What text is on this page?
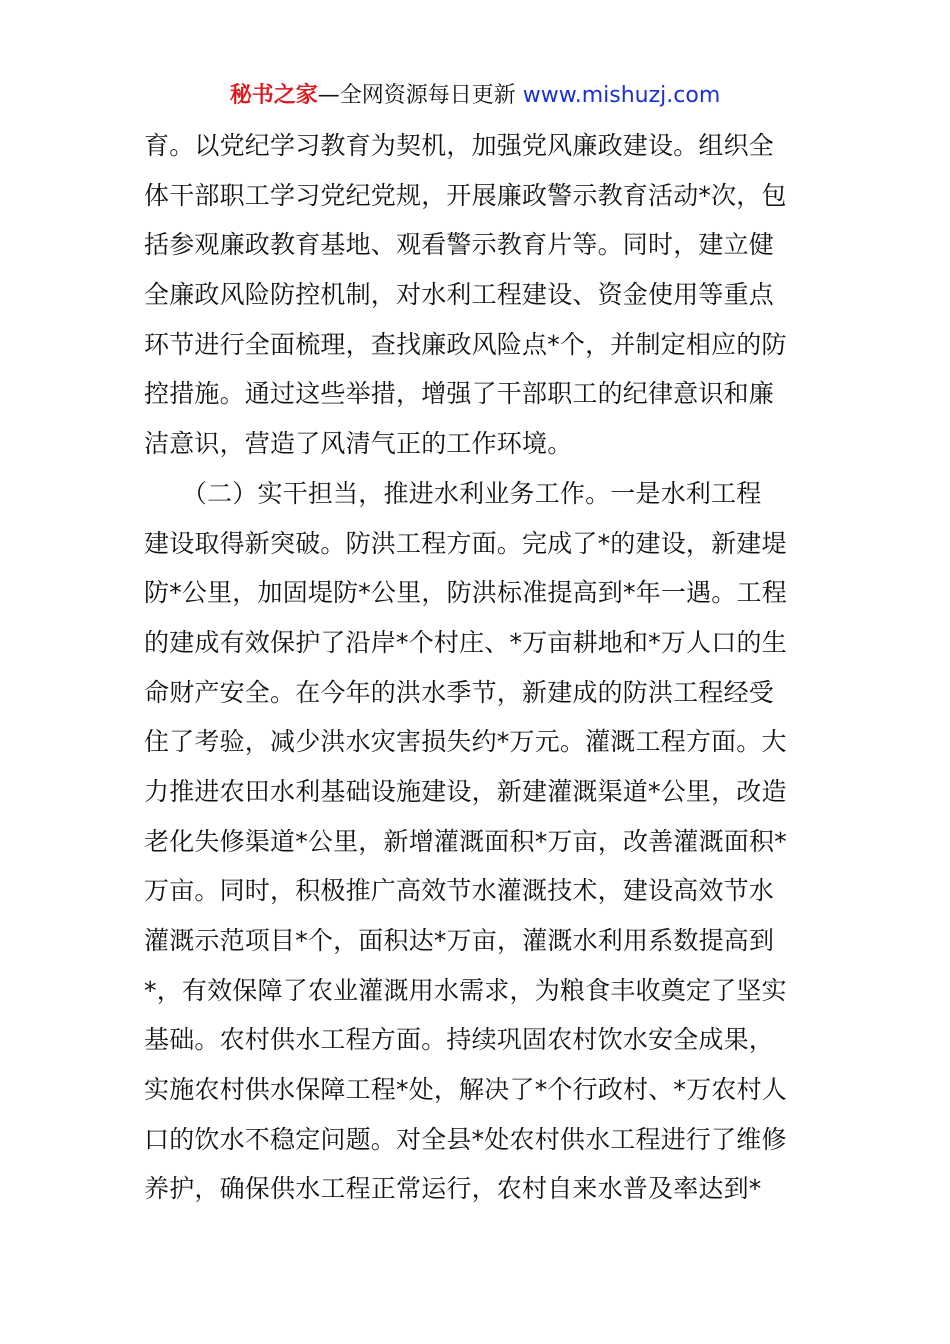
秘书之家—全网资源每日更新 www.mishuzj.com
育。以党纪学习教育为契机，加强党风廉政建设。组织全
体干部职工学习党纪党规，开展廉政警示教育活动*次，包
括参观廉政教育基地、观看警示教育片等。同时，建立健
全廉政风险防控机制，对水利工程建设、资金使用等重点
环节进行全面梳理，查找廉政风险点*个，并制定相应的防
控措施。通过这些举措，增强了干部职工的纪律意识和廉
洁意识，营造了风清气正的工作环境。
　　（二）实干担当，推进水利业务工作。一是水利工程
建设取得新突破。防洪工程方面。完成了*的建设，新建堤
防*公里，加固堤防*公里，防洪标准提高到*年一遇。工程
的建成有效保护了沿岸*个村庄、*万亩耕地和*万人口的生
命财产安全。在今年的洪水季节，新建成的防洪工程经受
住了考验，减少洪水灾害损失约*万元。灌溉工程方面。大
力推进农田水利基础设施建设，新建灌溉渠道*公里，改造
老化失修渠道*公里，新增灌溉面积*万亩，改善灌溉面积*
万亩。同时，积极推广高效节水灌溉技术，建设高效节水
灌溉示范项目*个，面积达*万亩，灌溉水利用系数提高到
*，有效保障了农业灌溉用水需求，为粮食丰收奠定了坚实
基础。农村供水工程方面。持续巩固农村饮水安全成果，
实施农村供水保障工程*处，解决了*个行政村、*万农村人
口的饮水不稳定问题。对全县*处农村供水工程进行了维修
养护，确保供水工程正常运行，农村自来水普及率达到*
